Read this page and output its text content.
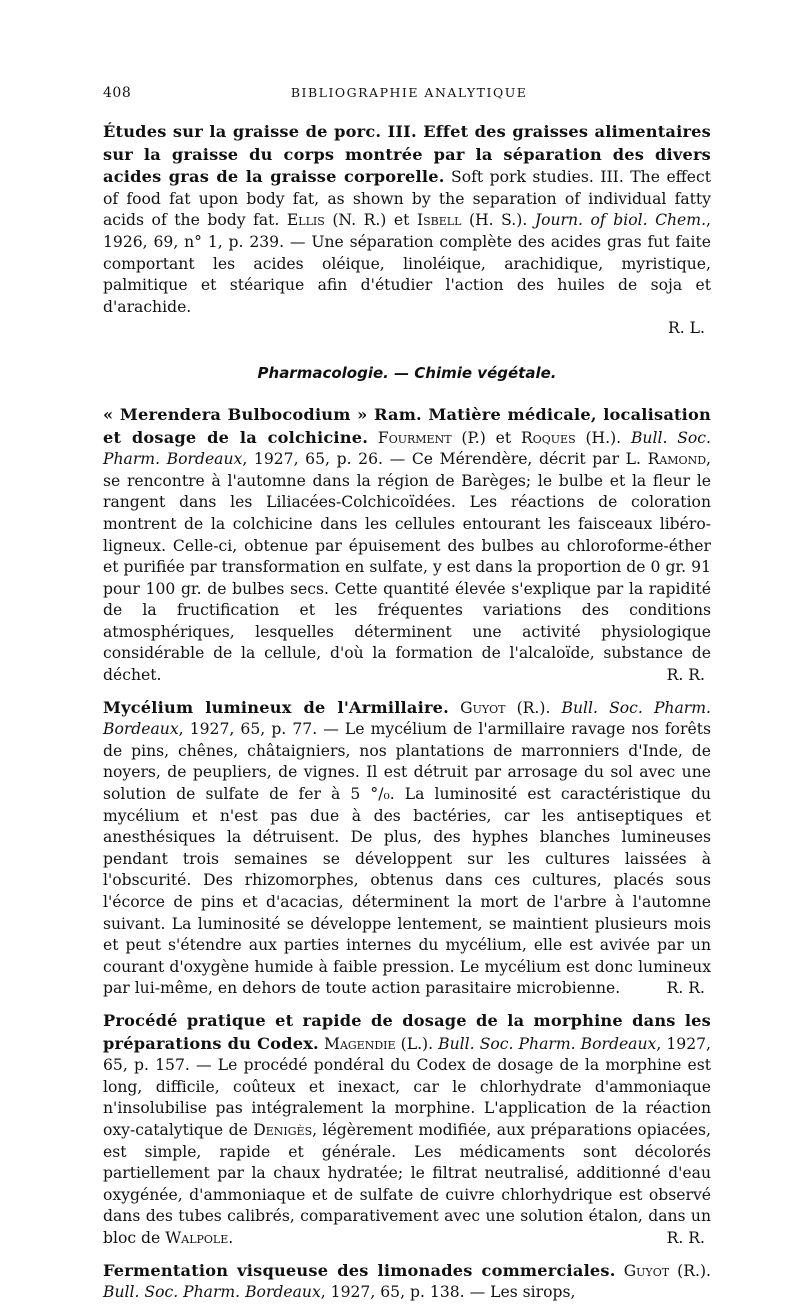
408	BIBLIOGRAPHIE ANALYTIQUE

Études sur la graisse de porc. III. Effet des graisses alimentaires sur la graisse du corps montrée par la séparation des divers acides gras de la graisse corporelle. Soft pork studies. III. The effect of food fat upon body fat, as shown by the separation of individual fatty acids of the body fat. Ellis (N. R.) et Isbell (H. S.). Journ. of biol. Chem., 1926, 69, n° 1, p. 239. — Une séparation complète des acides gras fut faite comportant les acides oléique, linoléique, arachidique, myristique, palmitique et stéarique afin d'étudier l'action des huiles de soja et d'arachide.

R. L.

Pharmacologie. — Chimie végétale.

« Merendera Bulbocodium » Ram. Matière médicale, localisation et dosage de la colchicine. Fourment (P.) et Roques (H.). Bull. Soc. Pharm. Bordeaux, 1927, 65, p. 26. — Ce Mérendère, décrit par L. Ramond, se rencontre à l'automne dans la région de Barèges; le bulbe et la fleur le rangent dans les Liliacées-Colchicoïdées. Les réactions de coloration montrent de la colchicine dans les cellules entourant les faisceaux libéro-ligneux. Celle-ci, obtenue par épuisement des bulbes au chloroforme-éther et purifiée par transformation en sulfate, y est dans la proportion de 0 gr. 91 pour 100 gr. de bulbes secs. Cette quantité élevée s'explique par la rapidité de la fructification et les fréquentes variations des conditions atmosphériques, lesquelles déterminent une activité physiologique considérable de la cellule, d'où la formation de l'alcaloïde, substance de déchet.	R. R.

Mycélium lumineux de l'Armillaire. Guyot (R.). Bull. Soc. Pharm. Bordeaux, 1927, 65, p. 77. — Le mycélium de l'armillaire ravage nos forêts de pins, chênes, châtaigniers, nos plantations de marronniers d'Inde, de noyers, de peupliers, de vignes. Il est détruit par arrosage du sol avec une solution de sulfate de fer à 5 °/₀. La luminosité est caractéristique du mycélium et n'est pas due à des bactéries, car les antiseptiques et anesthésiques la détruisent. De plus, des hyphes blanches lumineuses pendant trois semaines se développent sur les cultures laissées à l'obscurité. Des rhizomorphes, obtenus dans ces cultures, placés sous l'écorce de pins et d'acacias, déterminent la mort de l'arbre à l'automne suivant. La luminosité se développe lentement, se maintient plusieurs mois et peut s'étendre aux parties internes du mycélium, elle est avivée par un courant d'oxygène humide à faible pression. Le mycélium est donc lumineux par lui-même, en dehors de toute action parasitaire microbienne.	R. R.

Procédé pratique et rapide de dosage de la morphine dans les préparations du Codex. Magendie (L.). Bull. Soc. Pharm. Bordeaux, 1927, 65, p. 157. — Le procédé pondéral du Codex de dosage de la morphine est long, difficile, coûteux et inexact, car le chlorhydrate d'ammoniaque n'insolubilise pas intégralement la morphine. L'application de la réaction oxy-catalytique de Denigès, légèrement modifiée, aux préparations opiacées, est simple, rapide et générale. Les médicaments sont décolorés partiellement par la chaux hydratée; le filtrat neutralisé, additionné d'eau oxygénée, d'ammoniaque et de sulfate de cuivre chlorhydrique est observé dans des tubes calibrés, comparativement avec une solution étalon, dans un bloc de Walpole.	R. R.

Fermentation visqueuse des limonades commerciales. Guyot (R.). Bull. Soc. Pharm. Bordeaux, 1927, 65, p. 138. — Les sirops,
